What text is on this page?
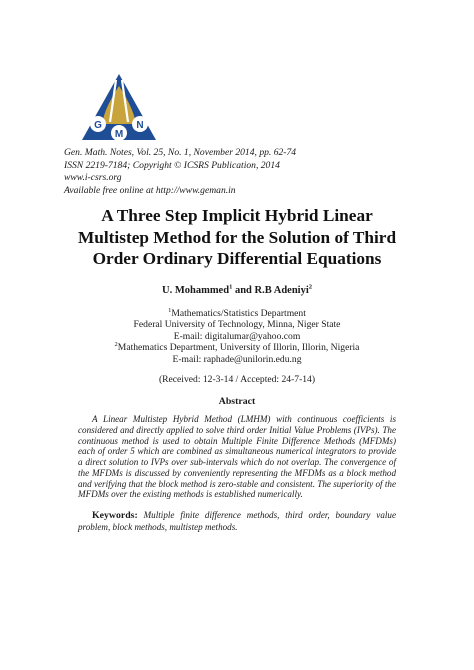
G	N
M
Gen. Math. Notes, Vol. 25, No. 1, November 2014, pp. 62-74
ISSN 2219-7184; Copyright © ICSRS Publication, 2014
www.i-csrs.org
Available free online at http://www.geman.in
A Three Step Implicit Hybrid Linear
Multistep Method for the Solution of Third
Order Ordinary Differential Equations
U. Mohammed$^1$ and R.B Adeniyi$^2$
$^1$Mathematics/Statistics Department
Federal University of Technology, Minna, Niger State
E-mail: digitalumar@yahoo.com
$^2$Mathematics Department, University of Illorin, Illorin, Nigeria
E-mail: raphade@unilorin.edu.ng
(Received: 12-3-14 / Accepted: 24-7-14)
Abstract
A Linear Multistep Hybrid Method (LMHM) with continuous coefficients is considered and directly applied to solve third order Initial Value Problems (IVPs). The continuous method is used to obtain Multiple Finite Difference Methods (MFDMs) each of order 5 which are combined as simultaneous numerical integrators to provide a direct solution to IVPs over sub-intervals which do not overlap. The convergence of the MFDMs is discussed by conveniently representing the MFDMs as a block method and verifying that the block method is zero-stable and consistent. The superiority of the MFDMs over the existing methods is established numerically.
Keywords: Multiple finite difference methods, third order, boundary value problem, block methods, multistep methods.
